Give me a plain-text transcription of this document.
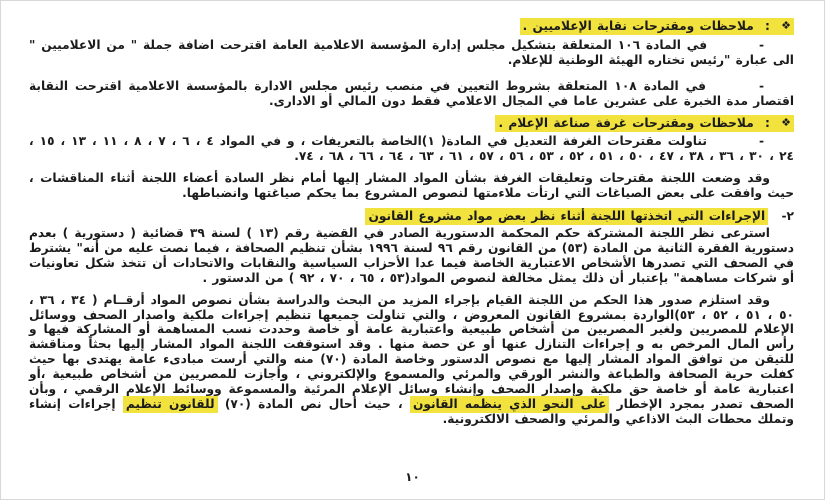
❖ : ملاحظات ومقترحات نقابة الإعلاميين .
- في المادة ١٠٦ المتعلقة بتشكيل مجلس إدارة المؤسسة الاعلامية العامة اقترحت اضافة جملة " من الاعلاميين " الى عبارة "رئيس تختاره الهيئة الوطنية للإعلام.
- في المادة ١٠٨ المتعلقة بشروط التعيين في منصب رئيس مجلس الادارة بالمؤسسة الاعلامية اقترحت النقابة اقتصار مدة الخبرة على عشرين عاما في المجال الاعلامي فقط دون المالي أو الادارى.
❖ : ملاحظات ومقترحات غرفة صناعة الإعلام .
- تناولت مقترحات الغرفة التعديل في المادة( ١)الخاصة بالتعريفات ، و في المواد ٤ ، ٦ ، ٧ ، ٨ ، ١١ ، ١٣ ، ١٥ ، ٢٤ ، ٣٠ ، ٣٦ ، ٣٨ ، ٤٧ ، ٥٠ ، ٥١ ، ٥٢ ، ٥٣ ، ٥٦ ، ٥٧ ، ٦١ ، ٦٣ ، ٦٤ ، ٦٦ ، ٦٨ ، ٧٤.

وقد وضعت اللجنة مقترحات وتعليقات الغرفة بشأن المواد المشار إليها أمام نظر السادة أعضاء اللجنة أثناء المناقشات ، حيث وافقت على بعض الصياغات التي ارتأت ملاءمتها لنصوص المشروع بما يحكم صياغتها وانضباطها.

٢- الإجراءات التي اتخذتها اللجنة أثناء نظر بعض مواد مشروع القانون

استرعى نظر اللجنة المشتركة حكم المحكمة الدستورية الصادر في القضية رقم (١٣ ) لسنة ٣٩ قضائية ( دستورية ) بعدم دستورية الفقرة الثانية من المادة (٥٣) من القانون رقم ٩٦ لسنة ١٩٩٦ بشأن تنظيم الصحافة ، فيما نصت عليه من أنه" يشترط في الصحف التي تصدرها الأشخاص الاعتبارية الخاصة فيما عدا الأحزاب السياسية والنقابات والاتحادات أن تتخذ شكل تعاونيات أو شركات مساهمة" بإعتبار أن ذلك يمثل مخالفة لنصوص المواد(٥٣ ، ٦٥ ، ٧٠ ، ٩٢ ) من الدستور .

وقد استلزم صدور هذا الحكم من اللجنة القيام بإجراء المزيد من البحث والدراسة بشأن نصوص المواد أرقــام ( ٣٤ ، ٣٦ ، ٥٠ ، ٥١ ، ٥٢ ، ٥٣)الواردة بمشروع القانون المعروض ، والتي تناولت جميعها تنظيم إجراءات ملكية واصدار الصحف ووسائل الإعلام للمصريين ولغير المصريين من أشخاص طبيعية واعتبارية عامة أو خاصة وحددت نسب المساهمة أو المشاركة فيها و رأس المال المرخص به و إجراءات التنازل عنها أو عن حصة منها . وقد استوقفت اللجنة المواد المشار إليها بحثاً ومناقشة للتيقن من توافق المواد المشار إليها مع نصوص الدستور وخاصة المادة (٧٠) منه والتي أرست مبادىء عامة يهتدى بها حيث كفلت حرية الصحافة والطباعة والنشر الورقي والمرئي والمسموع والإلكتروني ، وأجازت للمصريين من أشخاص طبيعية ،أو اعتبارية عامة أو خاصة حق ملكية وإصدار الصحف وإنشاء وسائل الإعلام المرئية والمسموعة ووسائط الإعلام الرقمي ، وبأن الصحف تصدر بمجرد الإخطار على النحو الذي ينظمه القانون ، حيث أحال نص المادة (٧٠) للقانون تنظيم إجراءات إنشاء وتملك محطات البث الاذاعي والمرئي والصحف الالكترونية.

١٠
